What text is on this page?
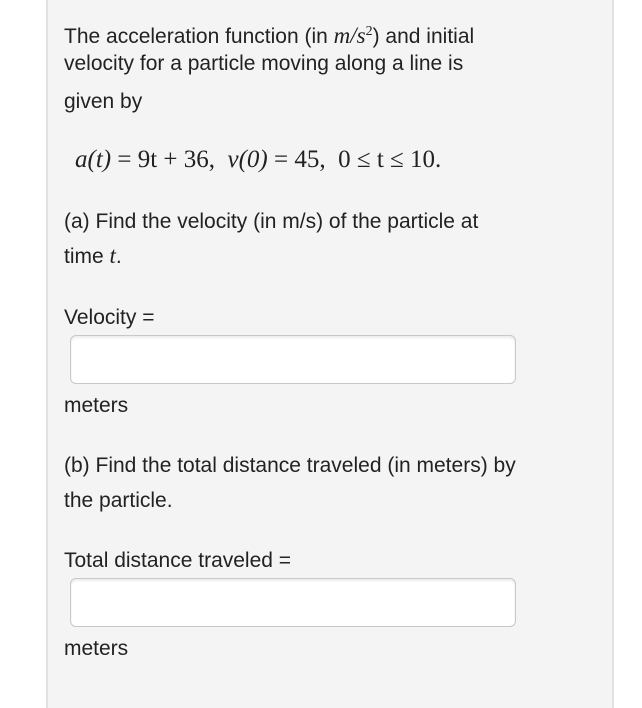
The acceleration function (in $m/s^2$) and initial
velocity for a particle moving along a line is
given by
a(t) = 9t + 36,  v(0) = 45,  0 ≤ t ≤ 10.
(a) Find the velocity (in m/s) of the particle at
time t.
Velocity =
meters
(b) Find the total distance traveled (in meters) by
the particle.
Total distance traveled =
meters
